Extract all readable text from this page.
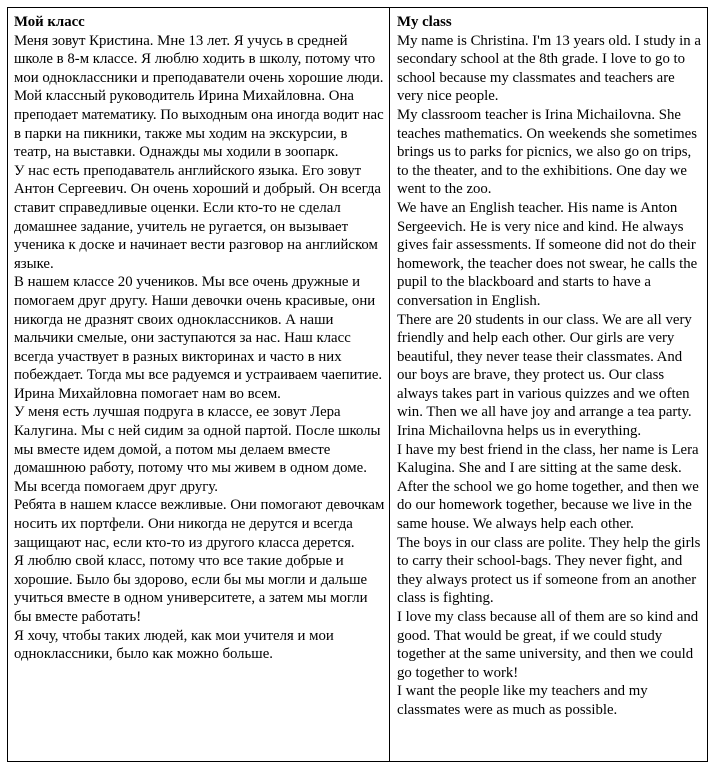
Мой класс

Меня зовут Кристина. Мне 13 лет. Я учусь в средней школе в 8-м классе. Я люблю ходить в школу, потому что мои одноклассники и преподаватели очень хорошие люди.

Мой классный руководитель Ирина Михайловна. Она преподает математику. По выходным она иногда водит нас в парки на пикники, также мы ходим на экскурсии, в театр, на выставки. Однажды мы ходили в зоопарк.

У нас есть преподаватель английского языка. Его зовут Антон Сергеевич. Он очень хороший и добрый. Он всегда ставит справедливые оценки. Если кто-то не сделал домашнее задание, учитель не ругается, он вызывает ученика к доске и начинает вести разговор на английском языке.

В нашем классе 20 учеников. Мы все очень дружные и помогаем друг другу. Наши девочки очень красивые, они никогда не дразнят своих одноклассников. А наши мальчики смелые, они заступаются за нас. Наш класс всегда участвует в разных викторинах и часто в них побеждает. Тогда мы все радуемся и устраиваем чаепитие. Ирина Михайловна помогает нам во всем.

У меня есть лучшая подруга в классе, ее зовут Лера Калугина. Мы с ней сидим за одной партой. После школы мы вместе идем домой, а потом мы делаем вместе домашнюю работу, потому что мы живем в одном доме. Мы всегда помогаем друг другу.

Ребята в нашем классе вежливые. Они помогают девочкам носить их портфели. Они никогда не дерутся и всегда защищают нас, если кто-то из другого класса дерется.

Я люблю свой класс, потому что все такие добрые и хорошие. Было бы здорово, если бы мы могли и дальше учиться вместе в одном университете, а затем мы могли бы вместе работать!

Я хочу, чтобы таких людей, как мои учителя и мои одноклассники, было как можно больше.

My class

My name is Christina. I'm 13 years old. I study in a secondary school at the 8th grade. I love to go to school because my classmates and teachers are very nice people.

My classroom teacher is Irina Michailovna. She teaches mathematics. On weekends she sometimes brings us to parks for picnics, we also go on trips, to the theater, and to the exhibitions. One day we went to the zoo.

We have an English teacher. His name is Anton Sergeevich. He is very nice and kind. He always gives fair assessments. If someone did not do their homework, the teacher does not swear, he calls the pupil to the blackboard and starts to have a conversation in English.

There are 20 students in our class. We are all very friendly and help each other. Our girls are very beautiful, they never tease their classmates. And our boys are brave, they protect us. Our class always takes part in various quizzes and we often win. Then we all have joy and arrange a tea party. Irina Michailovna helps us in everything.

I have my best friend in the class, her name is Lera Kalugina. She and I are sitting at the same desk. After the school we go home together, and then we do our homework together, because we live in the same house. We always help each other.

The boys in our class are polite. They help the girls to carry their school-bags. They never fight, and they always protect us if someone from an another class is fighting.

I love my class because all of them are so kind and good. That would be great, if we could study together at the same university, and then we could go together to work!

I want the people like my teachers and my classmates were as much as possible.
